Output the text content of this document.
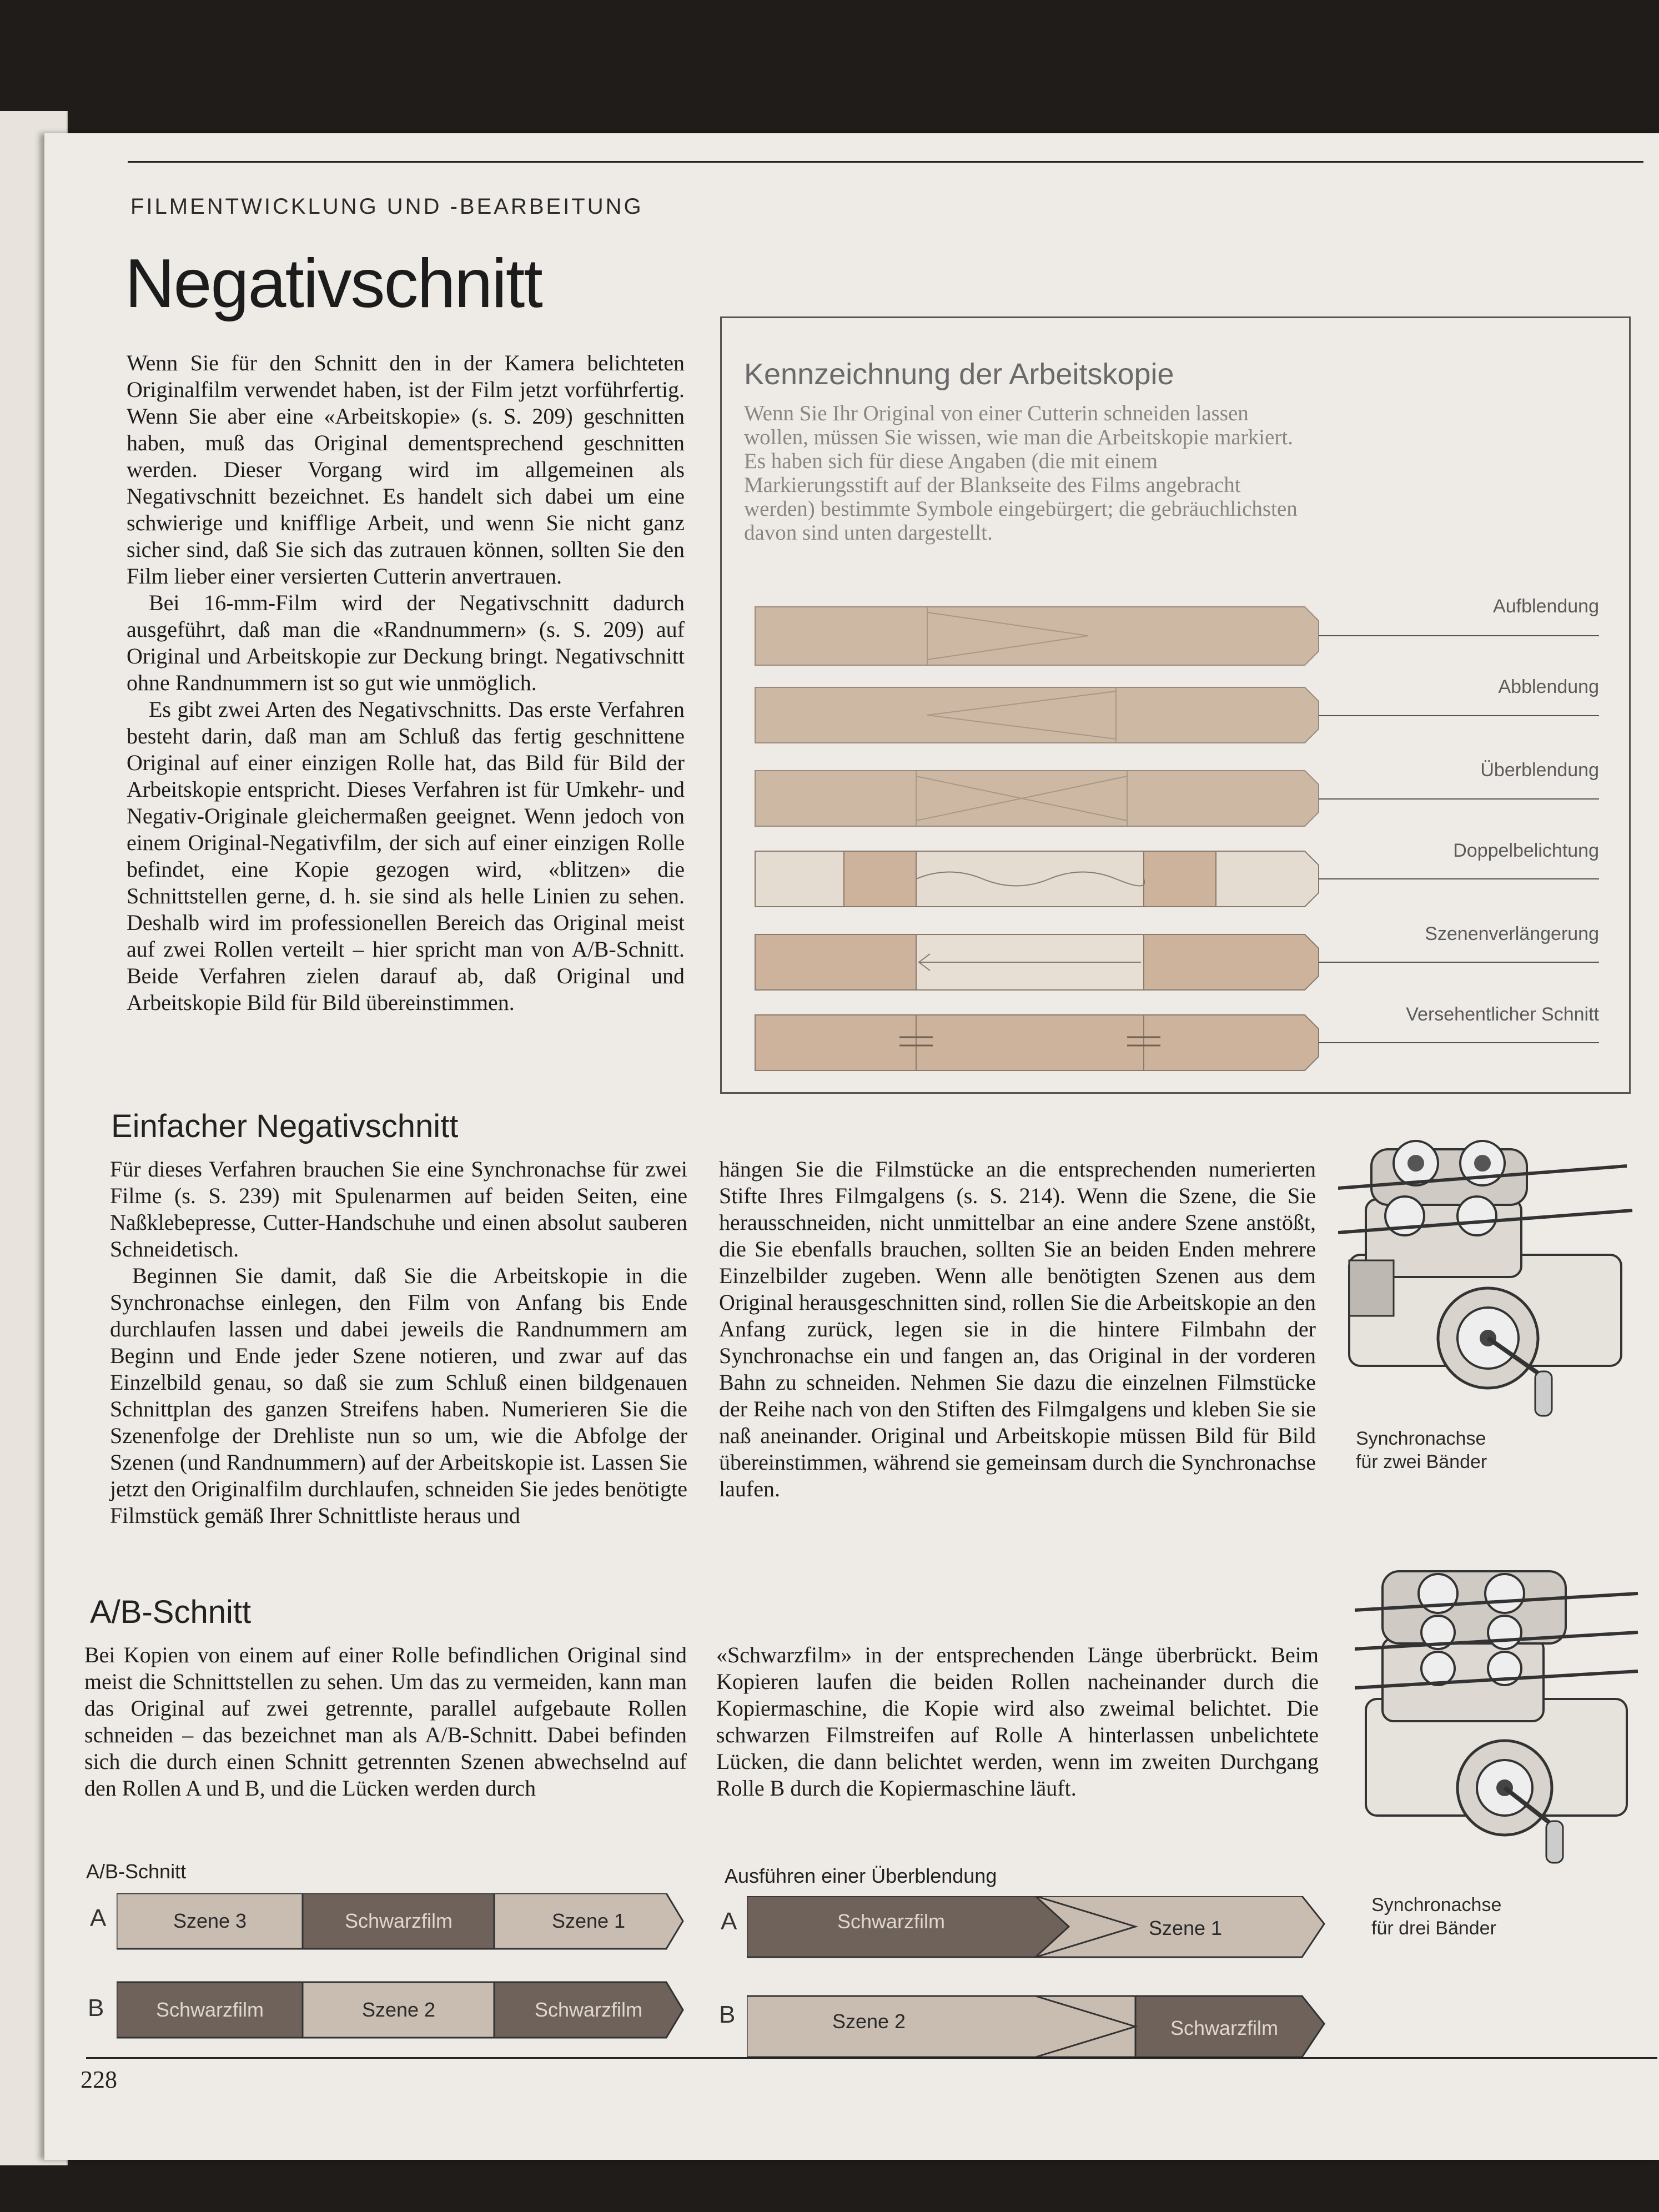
FILMENTWICKLUNG UND -BEARBEITUNG
Negativschnitt

Wenn Sie für den Schnitt den in der Kamera belichteten Originalfilm verwendet haben, ist der Film jetzt vorführfertig. Wenn Sie aber eine «Arbeitskopie» (s. S. 209) geschnitten haben, muß das Original dementsprechend geschnitten werden. Dieser Vorgang wird im allgemeinen als Negativschnitt bezeichnet. Es handelt sich dabei um eine schwierige und knifflige Arbeit, und wenn Sie nicht ganz sicher sind, daß Sie sich das zutrauen können, sollten Sie den Film lieber einer versierten Cutterin anvertrauen.

Bei 16-mm-Film wird der Negativschnitt dadurch ausgeführt, daß man die «Randnummern» (s. S. 209) auf Original und Arbeitskopie zur Deckung bringt. Negativschnitt ohne Randnummern ist so gut wie unmöglich.

Es gibt zwei Arten des Negativschnitts. Das erste Verfahren besteht darin, daß man am Schluß das fertig geschnittene Original auf einer einzigen Rolle hat, das Bild für Bild der Arbeitskopie entspricht. Dieses Verfahren ist für Umkehr- und Negativ-Originale gleichermaßen geeignet. Wenn jedoch von einem Original-Negativfilm, der sich auf einer einzigen Rolle befindet, eine Kopie gezogen wird, «blitzen» die Schnittstellen gerne, d. h. sie sind als helle Linien zu sehen. Deshalb wird im professionellen Bereich das Original meist auf zwei Rollen verteilt – hier spricht man von A/B-Schnitt. Beide Verfahren zielen darauf ab, daß Original und Arbeitskopie Bild für Bild übereinstimmen.

Kennzeichnung der Arbeitskopie
Wenn Sie Ihr Original von einer Cutterin schneiden lassen wollen, müssen Sie wissen, wie man die Arbeitskopie markiert. Es haben sich für diese Angaben (die mit einem Markierungsstift auf der Blankseite des Films angebracht werden) bestimmte Symbole eingebürgert; die gebräuchlichsten davon sind unten dargestellt.
Aufblendung
Abblendung
Überblendung
Doppelbelichtung
Szenenverlängerung
Versehentlicher Schnitt
Einfacher Negativschnitt

Für dieses Verfahren brauchen Sie eine Synchronachse für zwei Filme (s. S. 239) mit Spulenarmen auf beiden Seiten, eine Naßklebepresse, Cutter-Handschuhe und einen absolut sauberen Schneidetisch.

Beginnen Sie damit, daß Sie die Arbeitskopie in die Synchronachse einlegen, den Film von Anfang bis Ende durchlaufen lassen und dabei jeweils die Randnummern am Beginn und Ende jeder Szene notieren, und zwar auf das Einzelbild genau, so daß sie zum Schluß einen bildgenauen Schnittplan des ganzen Streifens haben. Numerieren Sie die Szenenfolge der Drehliste nun so um, wie die Abfolge der Szenen (und Randnummern) auf der Arbeitskopie ist. Lassen Sie jetzt den Originalfilm durchlaufen, schneiden Sie jedes benötigte Filmstück gemäß Ihrer Schnittliste heraus und

hängen Sie die Filmstücke an die entsprechenden numerierten Stifte Ihres Filmgalgens (s. S. 214). Wenn die Szene, die Sie herausschneiden, nicht unmittelbar an eine andere Szene anstößt, die Sie ebenfalls brauchen, sollten Sie an beiden Enden mehrere Einzelbilder zugeben. Wenn alle benötigten Szenen aus dem Original herausgeschnitten sind, rollen Sie die Arbeitskopie an den Anfang zurück, legen sie in die hintere Filmbahn der Synchronachse ein und fangen an, das Original in der vorderen Bahn zu schneiden. Nehmen Sie dazu die einzelnen Filmstücke der Reihe nach von den Stiften des Filmgalgens und kleben Sie sie naß aneinander. Original und Arbeitskopie müssen Bild für Bild übereinstimmen, während sie gemeinsam durch die Synchronachse laufen.

Synchronachse
für zwei Bänder
A/B-Schnitt

Bei Kopien von einem auf einer Rolle befindlichen Original sind meist die Schnittstellen zu sehen. Um das zu vermeiden, kann man das Original auf zwei getrennte, parallel aufgebaute Rollen schneiden – das bezeichnet man als A/B-Schnitt. Dabei befinden sich die durch einen Schnitt getrennten Szenen abwechselnd auf den Rollen A und B, und die Lücken werden durch

«Schwarzfilm» in der entsprechenden Länge überbrückt. Beim Kopieren laufen die beiden Rollen nacheinander durch die Kopiermaschine, die Kopie wird also zweimal belichtet. Die schwarzen Filmstreifen auf Rolle A hinterlassen unbelichtete Lücken, die dann belichtet werden, wenn im zweiten Durchgang Rolle B durch die Kopiermaschine läuft.

Synchronachse
für drei Bänder
A/B-Schnitt
A
B
Szene 3	Schwarzfilm	Szene 1
Schwarzfilm	Szene 2	Schwarzfilm
Ausführen einer Überblendung
A
B
Schwarzfilm	Szene 1
Szene 2	Schwarzfilm
228
